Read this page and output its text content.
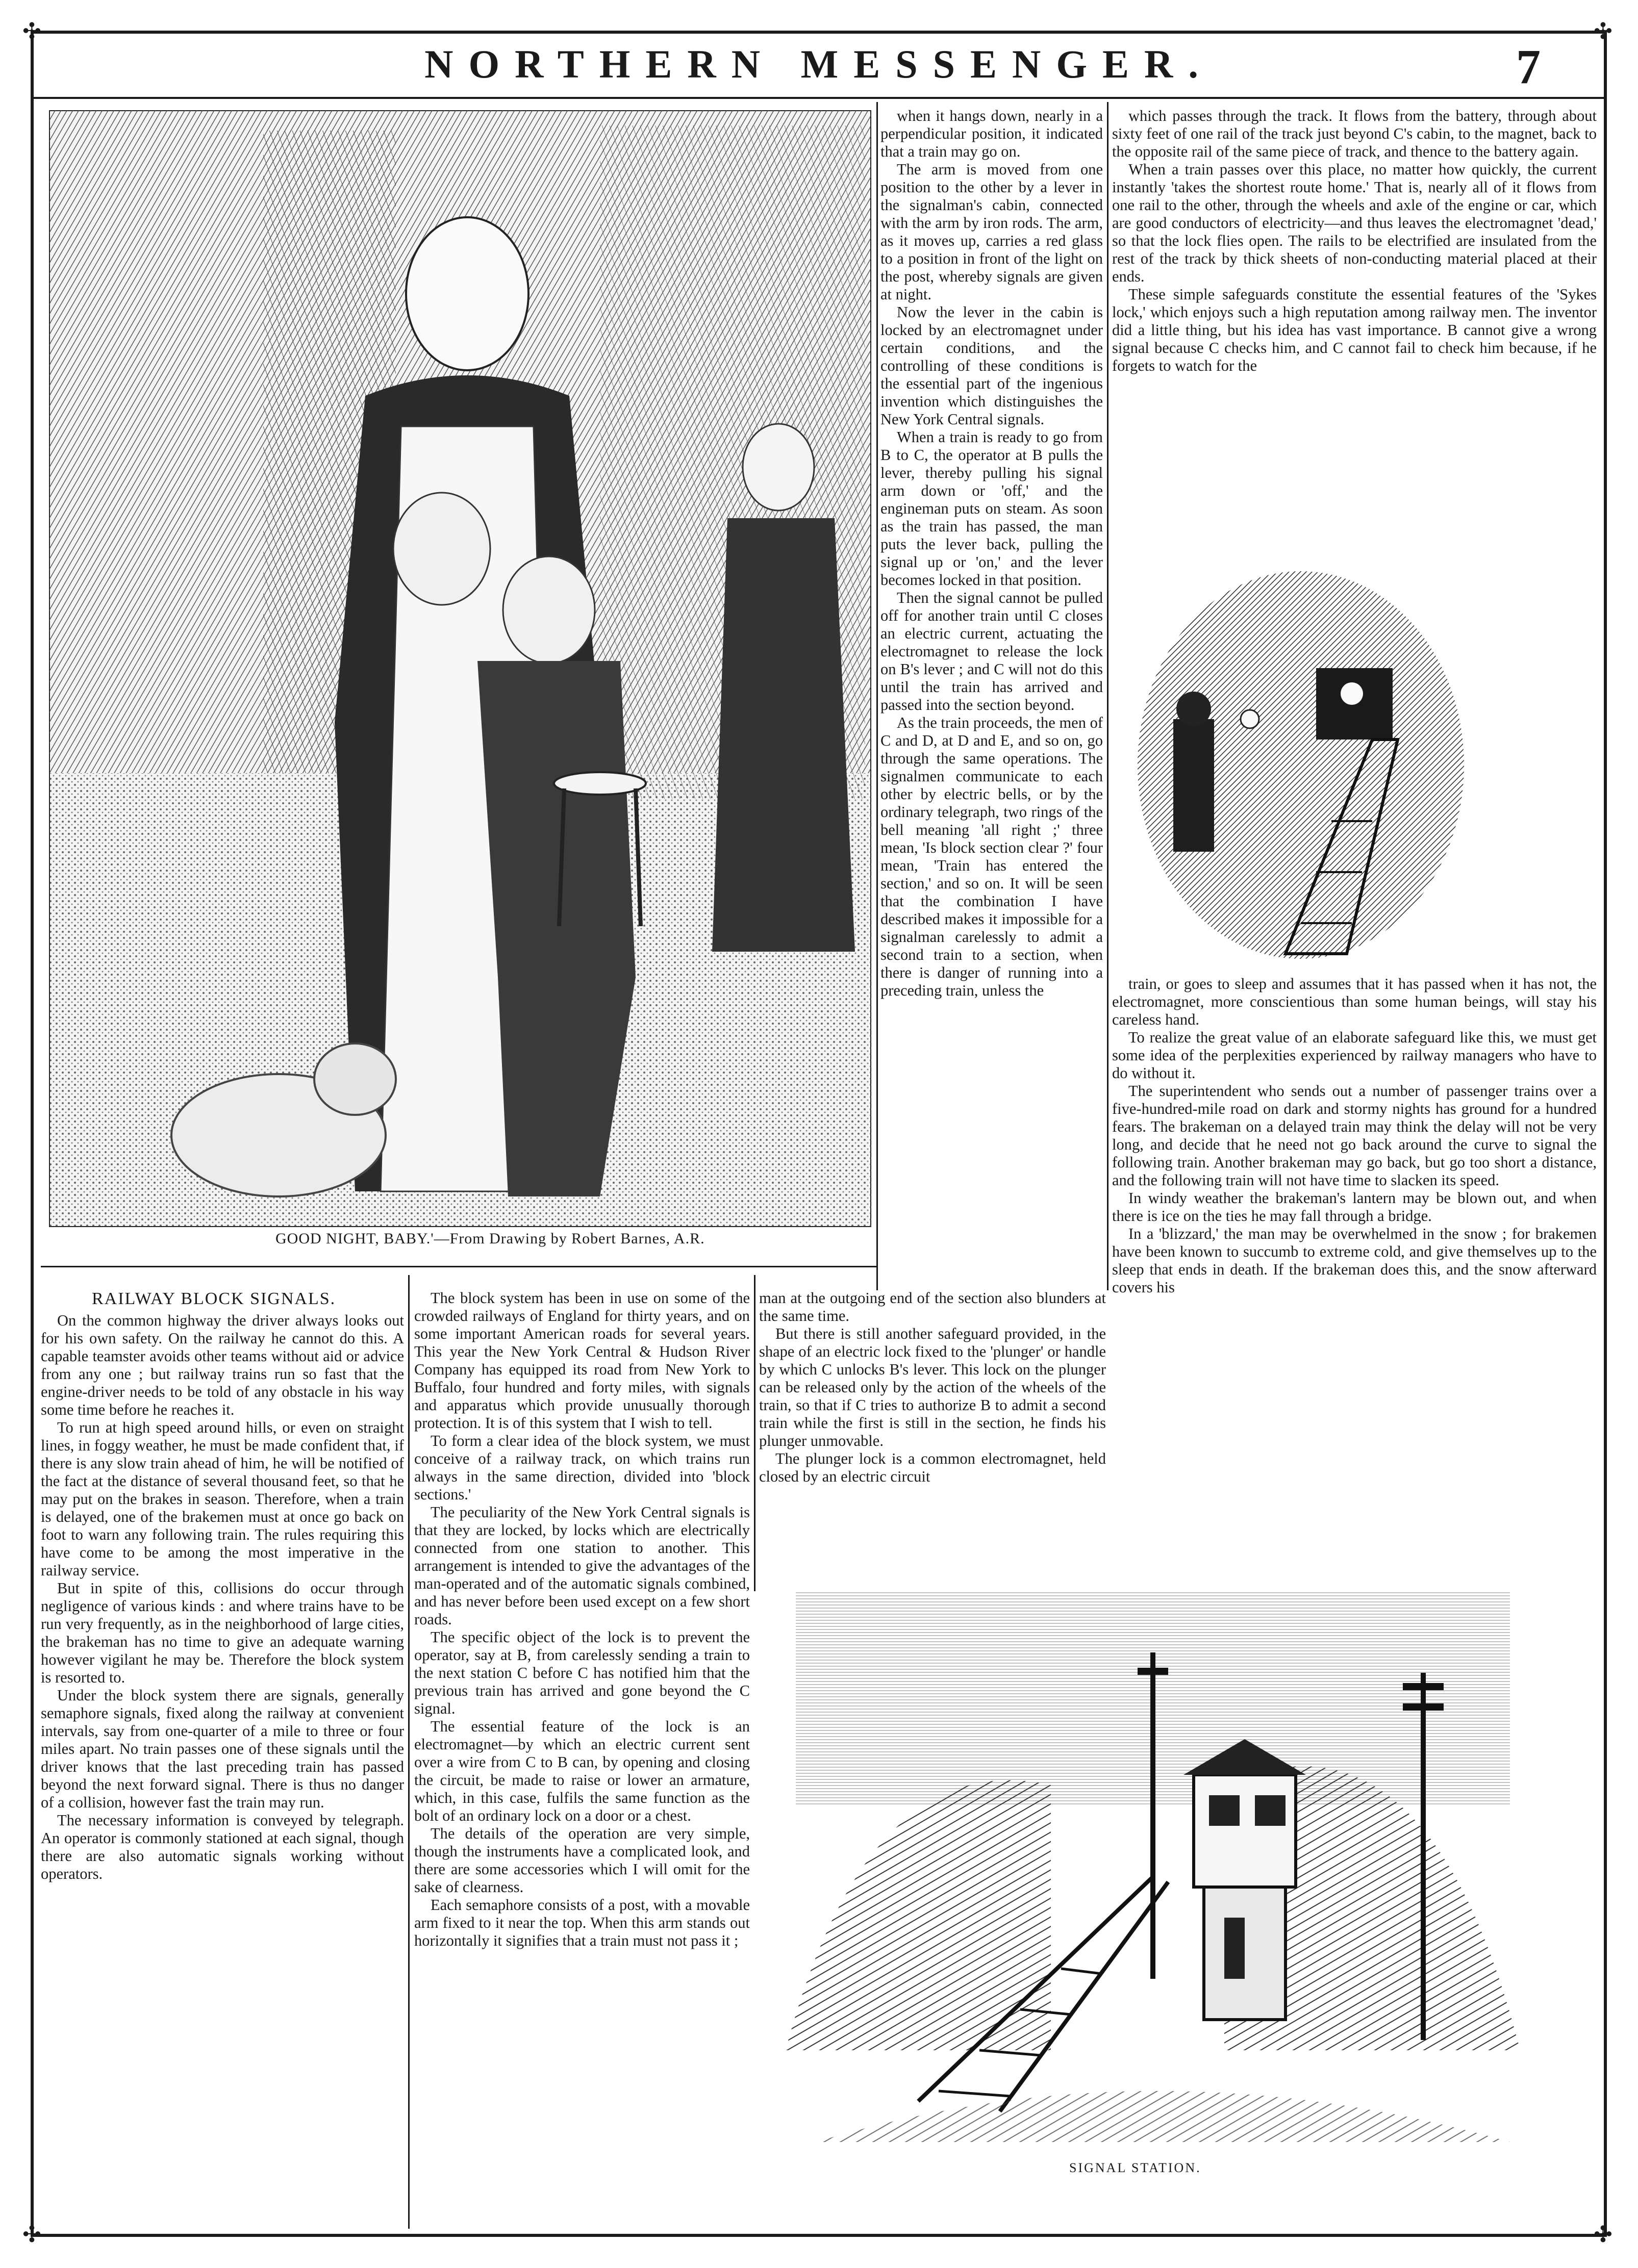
✣	✣
✣	✣
NORTHERN MESSENGER.	7
GOOD NIGHT, BABY.'—From Drawing by Robert Barnes, A.R.

when it hangs down, nearly in a perpendicular position, it indicated that a train may go on.

The arm is moved from one position to the other by a lever in the signalman's cabin, connected with the arm by iron rods. The arm, as it moves up, carries a red glass to a position in front of the light on the post, whereby signals are given at night.

Now the lever in the cabin is locked by an electromagnet under certain conditions, and the controlling of these conditions is the essential part of the ingenious invention which distinguishes the New York Central signals.

When a train is ready to go from B to C, the operator at B pulls the lever, thereby pulling his signal arm down or 'off,' and the engineman puts on steam. As soon as the train has passed, the man puts the lever back, pulling the signal up or 'on,' and the lever becomes locked in that position.

Then the signal cannot be pulled off for another train until C closes an electric current, actuating the electromagnet to release the lock on B's lever ; and C will not do this until the train has arrived and passed into the section beyond.

As the train proceeds, the men of C and D, at D and E, and so on, go through the same operations. The signalmen communicate to each other by electric bells, or by the ordinary telegraph, two rings of the bell meaning 'all right ;' three mean, 'Is block section clear ?' four mean, 'Train has entered the section,' and so on. It will be seen that the combination I have described makes it impossible for a signalman carelessly to admit a second train to a section, when there is danger of running into a preceding train, unless the

which passes through the track. It flows from the battery, through about sixty feet of one rail of the track just beyond C's cabin, to the magnet, back to the opposite rail of the same piece of track, and thence to the battery again.

When a train passes over this place, no matter how quickly, the current instantly 'takes the shortest route home.' That is, nearly all of it flows from one rail to the other, through the wheels and axle of the engine or car, which are good conductors of electricity—and thus leaves the electromagnet 'dead,' so that the lock flies open. The rails to be electrified are insulated from the rest of the track by thick sheets of non-conducting material placed at their ends.

These simple safeguards constitute the essential features of the 'Sykes lock,' which enjoys such a high reputation among railway men. The inventor did a little thing, but his idea has vast importance. B cannot give a wrong signal because C checks him, and C cannot fail to check him because, if he forgets to watch for the

train, or goes to sleep and assumes that it has passed when it has not, the electromagnet, more conscientious than some human beings, will stay his careless hand.

To realize the great value of an elaborate safeguard like this, we must get some idea of the perplexities experienced by railway managers who have to do without it.

The superintendent who sends out a number of passenger trains over a five-hundred-mile road on dark and stormy nights has ground for a hundred fears. The brakeman on a delayed train may think the delay will not be very long, and decide that he need not go back around the curve to signal the following train. Another brakeman may go back, but go too short a distance, and the following train will not have time to slacken its speed.

In windy weather the brakeman's lantern may be blown out, and when there is ice on the ties he may fall through a bridge.

In a 'blizzard,' the man may be overwhelmed in the snow ; for brakemen have been known to succumb to extreme cold, and give themselves up to the sleep that ends in death. If the brakeman does this, and the snow afterward covers his

RAILWAY BLOCK SIGNALS.

On the common highway the driver always looks out for his own safety. On the railway he cannot do this. A capable teamster avoids other teams without aid or advice from any one ; but railway trains run so fast that the engine-driver needs to be told of any obstacle in his way some time before he reaches it.

To run at high speed around hills, or even on straight lines, in foggy weather, he must be made confident that, if there is any slow train ahead of him, he will be notified of the fact at the distance of several thousand feet, so that he may put on the brakes in season. Therefore, when a train is delayed, one of the brakemen must at once go back on foot to warn any following train. The rules requiring this have come to be among the most imperative in the railway service.

But in spite of this, collisions do occur through negligence of various kinds : and where trains have to be run very frequently, as in the neighborhood of large cities, the brakeman has no time to give an adequate warning however vigilant he may be. Therefore the block system is resorted to.

Under the block system there are signals, generally semaphore signals, fixed along the railway at convenient intervals, say from one-quarter of a mile to three or four miles apart. No train passes one of these signals until the driver knows that the last preceding train has passed beyond the next forward signal. There is thus no danger of a collision, however fast the train may run.

The necessary information is conveyed by telegraph. An operator is commonly stationed at each signal, though there are also automatic signals working without operators.

The block system has been in use on some of the crowded railways of England for thirty years, and on some important American roads for several years. This year the New York Central & Hudson River Company has equipped its road from New York to Buffalo, four hundred and forty miles, with signals and apparatus which provide unusually thorough protection. It is of this system that I wish to tell.

To form a clear idea of the block system, we must conceive of a railway track, on which trains run always in the same direction, divided into 'block sections.'

The peculiarity of the New York Central signals is that they are locked, by locks which are electrically connected from one station to another. This arrangement is intended to give the advantages of the man-operated and of the automatic signals combined, and has never before been used except on a few short roads.

The specific object of the lock is to prevent the operator, say at B, from carelessly sending a train to the next station C before C has notified him that the previous train has arrived and gone beyond the C signal.

The essential feature of the lock is an electromagnet—by which an electric current sent over a wire from C to B can, by opening and closing the circuit, be made to raise or lower an armature, which, in this case, fulfils the same function as the bolt of an ordinary lock on a door or a chest.

The details of the operation are very simple, though the instruments have a complicated look, and there are some accessories which I will omit for the sake of clearness.

Each semaphore consists of a post, with a movable arm fixed to it near the top. When this arm stands out horizontally it signifies that a train must not pass it ;

man at the outgoing end of the section also blunders at the same time.

But there is still another safeguard provided, in the shape of an electric lock fixed to the 'plunger' or handle by which C unlocks B's lever. This lock on the plunger can be released only by the action of the wheels of the train, so that if C tries to authorize B to admit a second train while the first is still in the section, he finds his plunger unmovable.

The plunger lock is a common electromagnet, held closed by an electric circuit

SIGNAL STATION.
